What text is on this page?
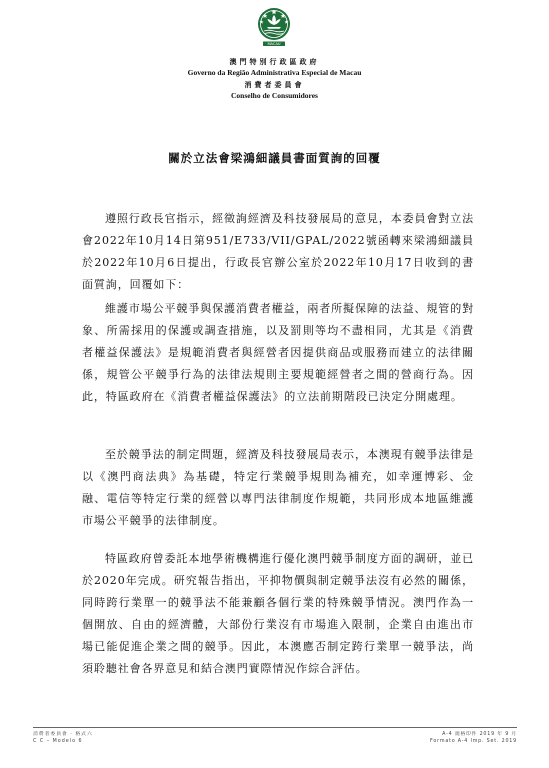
MACAU
澳門特別行政區政府
Governo da Região Administrativa Especial de Macau
消費者委員會
Conselho de Consumidores
關於立法會梁鴻細議員書面質詢的回覆

遵照行政長官指示，經徵詢經濟及科技發展局的意見，本委員會對立法會2022年10月14日第951/E733/VII/GPAL/2022號函轉來梁鴻細議員於2022年10月6日提出，行政長官辦公室於2022年10月17日收到的書面質詢，回覆如下：

維護市場公平競爭與保護消費者權益，兩者所擬保障的法益、規管的對象、所需採用的保護或調查措施，以及罰則等均不盡相同，尤其是《消費者權益保護法》是規範消費者與經營者因提供商品或服務而建立的法律關係，規管公平競爭行為的法律法規則主要規範經營者之間的營商行為。因此，特區政府在《消費者權益保護法》的立法前期階段已決定分開處理。

至於競爭法的制定問題，經濟及科技發展局表示，本澳現有競爭法律是以《澳門商法典》為基礎，特定行業競爭規則為補充，如幸運博彩、金融、電信等特定行業的經營以專門法律制度作規範，共同形成本地區維護市場公平競爭的法律制度。

特區政府曾委託本地學術機構進行優化澳門競爭制度方面的調研，並已於2020年完成。研究報告指出，平抑物價與制定競爭法沒有必然的關係，同時跨行業單一的競爭法不能兼顧各個行業的特殊競爭情況。澳門作為一個開放、自由的經濟體，大部份行業沒有市場進入限制，企業自由進出市場已能促進企業之間的競爭。因此，本澳應否制定跨行業單一競爭法，尚須聆聽社會各界意見和結合澳門實際情況作綜合評估。

消費者委員會 · 格式六
C C – Modelo 6
A-4 規格印件 2019 年 9 月
Formato A-4 Imp. Set. 2019
